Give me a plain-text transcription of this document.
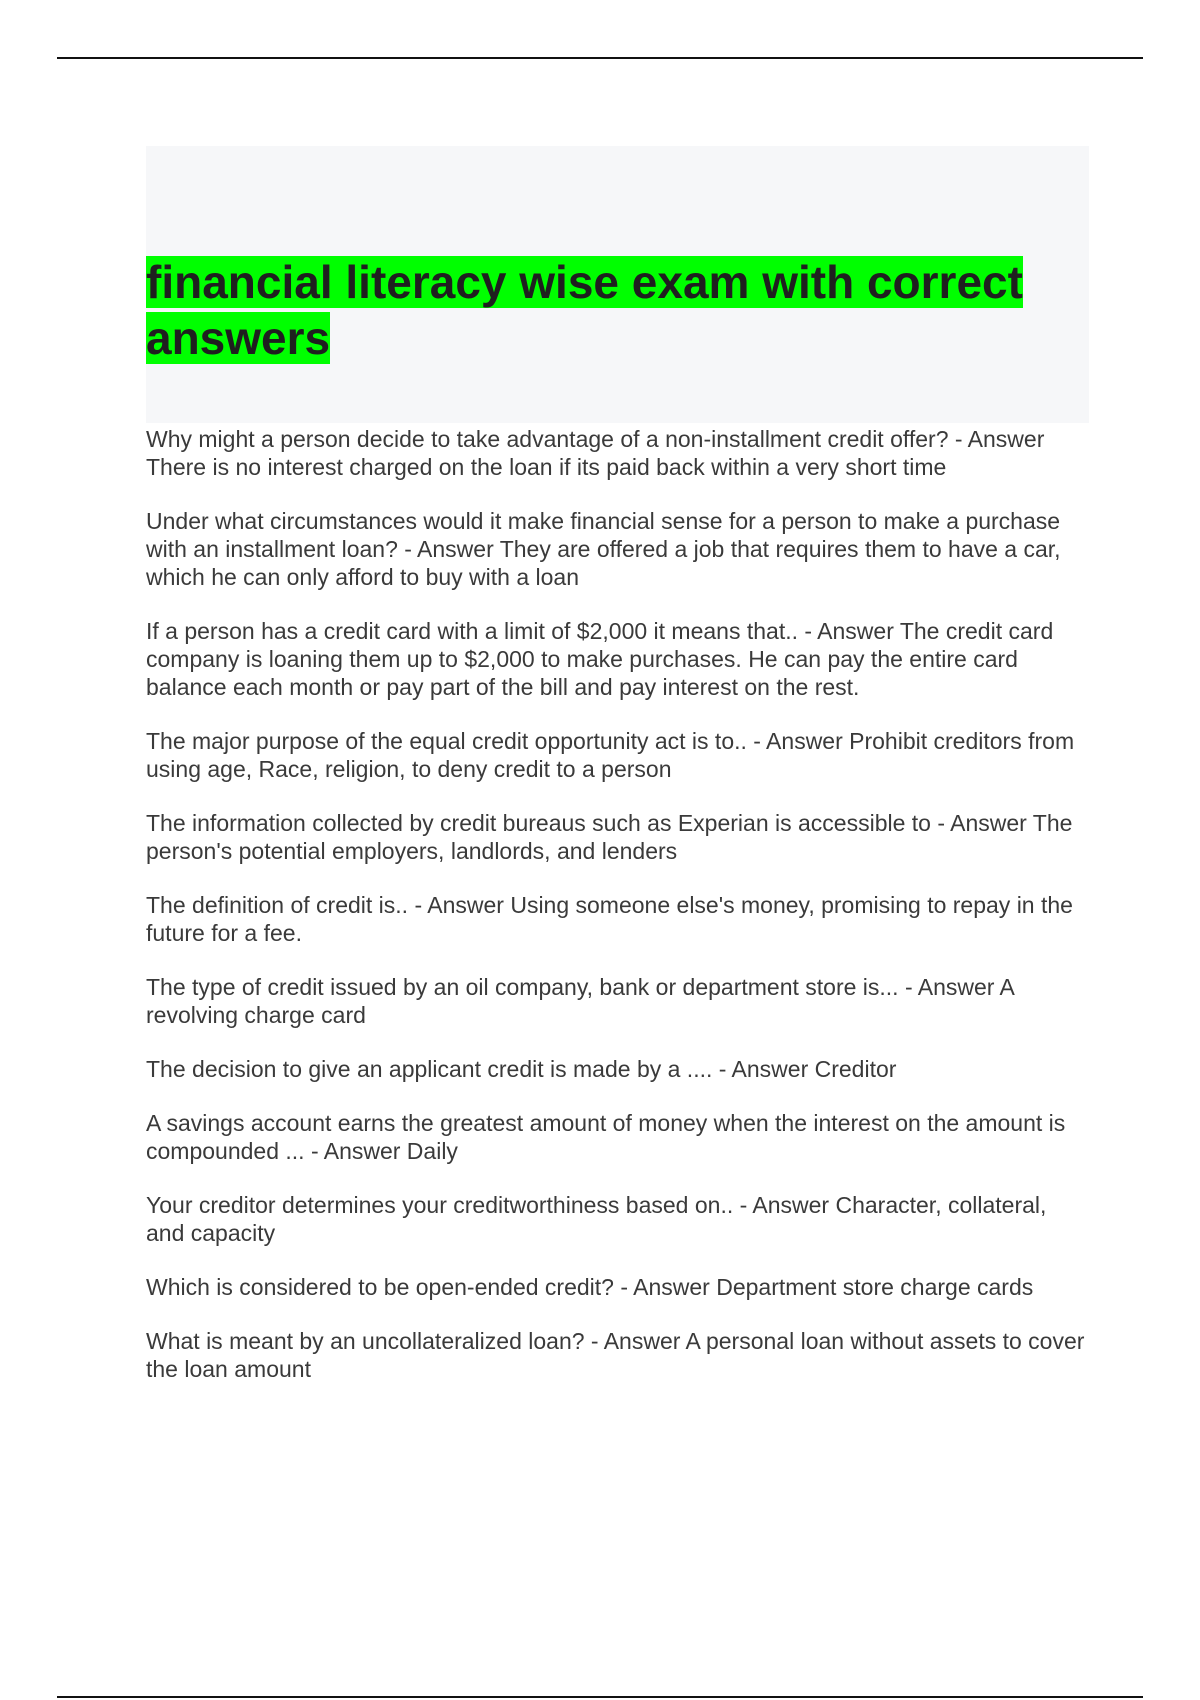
financial literacy wise exam with correct answers

Why might a person decide to take advantage of a non-installment credit offer? - Answer There is no interest charged on the loan if its paid back within a very short time

Under what circumstances would it make financial sense for a person to make a purchase with an installment loan? - Answer They are offered a job that requires them to have a car, which he can only afford to buy with a loan

If a person has a credit card with a limit of $2,000 it means that.. - Answer The credit card company is loaning them up to $2,000 to make purchases. He can pay the entire card balance each month or pay part of the bill and pay interest on the rest.

The major purpose of the equal credit opportunity act is to.. - Answer Prohibit creditors from using age, Race, religion, to deny credit to a person

The information collected by credit bureaus such as Experian is accessible to - Answer The person's potential employers, landlords, and lenders

The definition of credit is.. - Answer Using someone else's money, promising to repay in the future for a fee.

The type of credit issued by an oil company, bank or department store is... - Answer A revolving charge card

The decision to give an applicant credit is made by a .... - Answer Creditor

A savings account earns the greatest amount of money when the interest on the amount is compounded ... - Answer Daily

Your creditor determines your creditworthiness based on.. - Answer Character, collateral, and capacity

Which is considered to be open-ended credit? - Answer Department store charge cards

What is meant by an uncollateralized loan? - Answer A personal loan without assets to cover the loan amount
